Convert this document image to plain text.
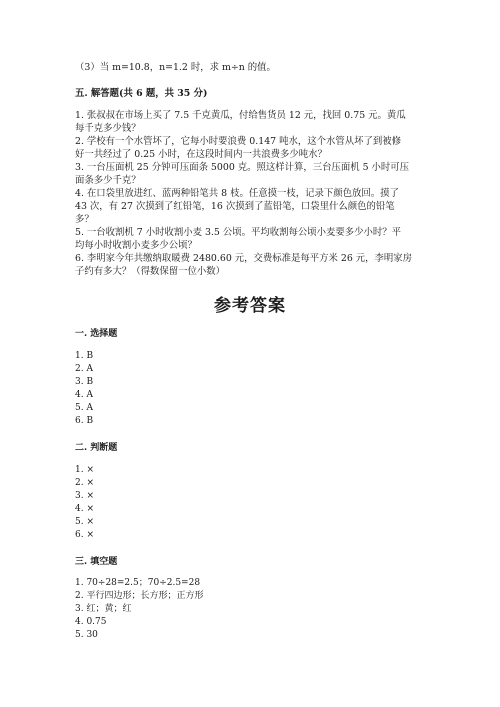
（3）当 m=10.8，n=1.2 时，求 m÷n 的值。
五. 解答题(共 6 题，共 35 分)
1. 张叔叔在市场上买了 7.5 千克黄瓜，付给售货员 12 元，找回 0.75 元。黄瓜
每千克多少钱？
2. 学校有一个水管坏了，它每小时要浪费 0.147 吨水，这个水管从坏了到被修
好一共经过了 0.25 小时，在这段时间内一共浪费多少吨水？
3. 一台压面机 25 分钟可压面条 5000 克。照这样计算，三台压面机 5 小时可压
面条多少千克？
4. 在口袋里放进红、蓝两种铅笔共 8 枝。任意摸一枝，记录下颜色放回。摸了
43 次，有 27 次摸到了红铅笔，16 次摸到了蓝铅笔，口袋里什么颜色的铅笔
多？
5. 一台收割机 7 小时收割小麦 3.5 公顷。平均收割每公顷小麦要多少小时？平
均每小时收割小麦多少公顷？
6. 李明家今年共缴纳取暖费 2480.60 元，交费标准是每平方米 26 元，李明家房
子约有多大？（得数保留一位小数）
参考答案
一. 选择题
1. B
2. A
3. B
4. A
5. A
6. B
二. 判断题
1. ×
2. ×
3. ×
4. ×
5. ×
6. ×
三. 填空题
1. 70÷28=2.5；70÷2.5=28
2. 平行四边形；长方形；正方形
3. 红；黄；红
4. 0.75
5. 30
